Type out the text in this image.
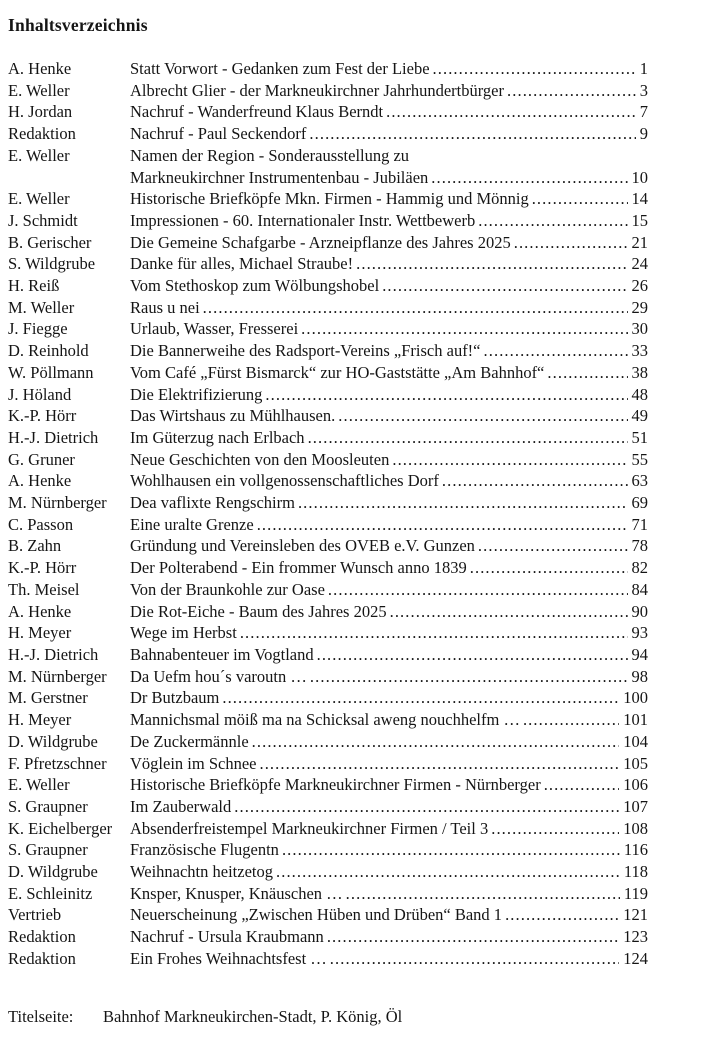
Inhaltsverzeichnis
A. Henke	Statt Vorwort - Gedanken zum Fest der Liebe .....	1
E. Weller	Albrecht Glier - der Markneukirchner Jahrhundertbürger .....	3
H. Jordan	Nachruf - Wanderfreund Klaus Berndt .....	7
Redaktion	Nachruf - Paul Seckendorf .....	9
E. Weller	Namen der Region - Sonderausstellung zu
Markneukirchner Instrumentenbau - Jubiläen .....	10
E. Weller	Historische Briefköpfe Mkn. Firmen - Hammig und Mönnig .....	14
J. Schmidt	Impressionen - 60. Internationaler Instr. Wettbewerb .....	15
B. Gerischer	Die Gemeine Schafgarbe - Arzneipflanze des Jahres 2025 .....	21
S. Wildgrube	Danke für alles, Michael Straube! .....	24
H. Reiß	Vom Stethoskop zum Wölbungshobel .....	26
M. Weller	Raus u nei .....	29
J. Fiegge	Urlaub, Wasser, Fresserei .....	30
D. Reinhold	Die Bannerweihe des Radsport-Vereins „Frisch auf!“ .....	33
W. Pöllmann	Vom Café „Fürst Bismarck“ zur HO-Gaststätte „Am Bahnhof“ .....	38
J. Höland	Die Elektrifizierung .....	48
K.-P. Hörr	Das Wirtshaus zu Mühlhausen. .....	49
H.-J. Dietrich	Im Güterzug nach Erlbach .....	51
G. Gruner	Neue Geschichten von den Moosleuten .....	55
A. Henke	Wohlhausen ein vollgenossenschaftliches Dorf .....	63
M. Nürnberger	Dea vaflixte Rengschirm .....	69
C. Passon	Eine uralte Grenze .....	71
B. Zahn	Gründung und Vereinsleben des OVEB e.V. Gunzen .....	78
K.-P. Hörr	Der Polterabend - Ein frommer Wunsch anno 1839 .....	82
Th. Meisel	Von der Braunkohle zur Oase .....	84
A. Henke	Die Rot-Eiche - Baum des Jahres 2025 .....	90
H. Meyer	Wege im Herbst .....	93
H.-J. Dietrich	Bahnabenteuer im Vogtland .....	94
M. Nürnberger	Da Uefm hou´s varoutn … .....	98
M. Gerstner	Dr Butzbaum .....	100
H. Meyer	Mannichsmal möiß ma na Schicksal aweng nouchhelfm … .....	101
D. Wildgrube	De Zuckermännle .....	104
F. Pfretzschner	Vöglein im Schnee .....	105
E. Weller	Historische Briefköpfe Markneukirchner Firmen - Nürnberger .....	106
S. Graupner	Im Zauberwald .....	107
K. Eichelberger	Absenderfreistempel Markneukirchner Firmen / Teil 3 .....	108
S. Graupner	Französische Flugentn .....	116
D. Wildgrube	Weihnachtn heitzetog .....	118
E. Schleinitz	Knsper, Knusper, Knäuschen … .....	119
Vertrieb	Neuerscheinung „Zwischen Hüben und Drüben“ Band 1 .....	121
Redaktion	Nachruf - Ursula Kraubmann .....	123
Redaktion	Ein Frohes Weihnachtsfest … .....	124
Titelseite:	Bahnhof Markneukirchen-Stadt, P. König, Öl
